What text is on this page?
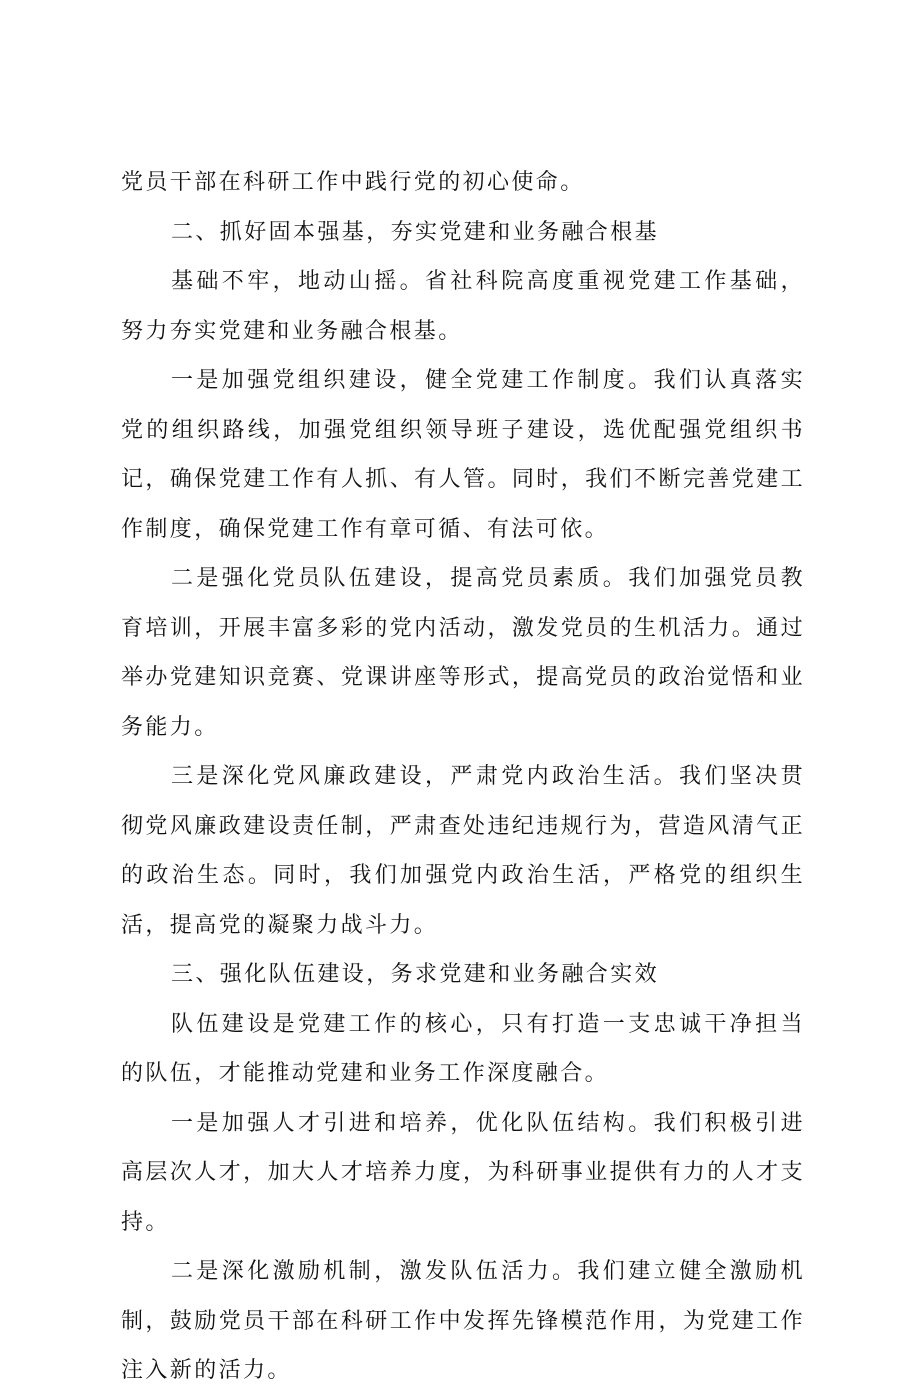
党员干部在科研工作中践行党的初心使命。

二、抓好固本强基，夯实党建和业务融合根基

基础不牢，地动山摇。省社科院高度重视党建工作基础，努力夯实党建和业务融合根基。

一是加强党组织建设，健全党建工作制度。我们认真落实党的组织路线，加强党组织领导班子建设，选优配强党组织书记，确保党建工作有人抓、有人管。同时，我们不断完善党建工作制度，确保党建工作有章可循、有法可依。

二是强化党员队伍建设，提高党员素质。我们加强党员教育培训，开展丰富多彩的党内活动，激发党员的生机活力。通过举办党建知识竞赛、党课讲座等形式，提高党员的政治觉悟和业务能力。

三是深化党风廉政建设，严肃党内政治生活。我们坚决贯彻党风廉政建设责任制，严肃查处违纪违规行为，营造风清气正的政治生态。同时，我们加强党内政治生活，严格党的组织生活，提高党的凝聚力战斗力。

三、强化队伍建设，务求党建和业务融合实效

队伍建设是党建工作的核心，只有打造一支忠诚干净担当的队伍，才能推动党建和业务工作深度融合。

一是加强人才引进和培养，优化队伍结构。我们积极引进高层次人才，加大人才培养力度，为科研事业提供有力的人才支持。

二是深化激励机制，激发队伍活力。我们建立健全激励机制，鼓励党员干部在科研工作中发挥先锋模范作用，为党建工作注入新的活力。
